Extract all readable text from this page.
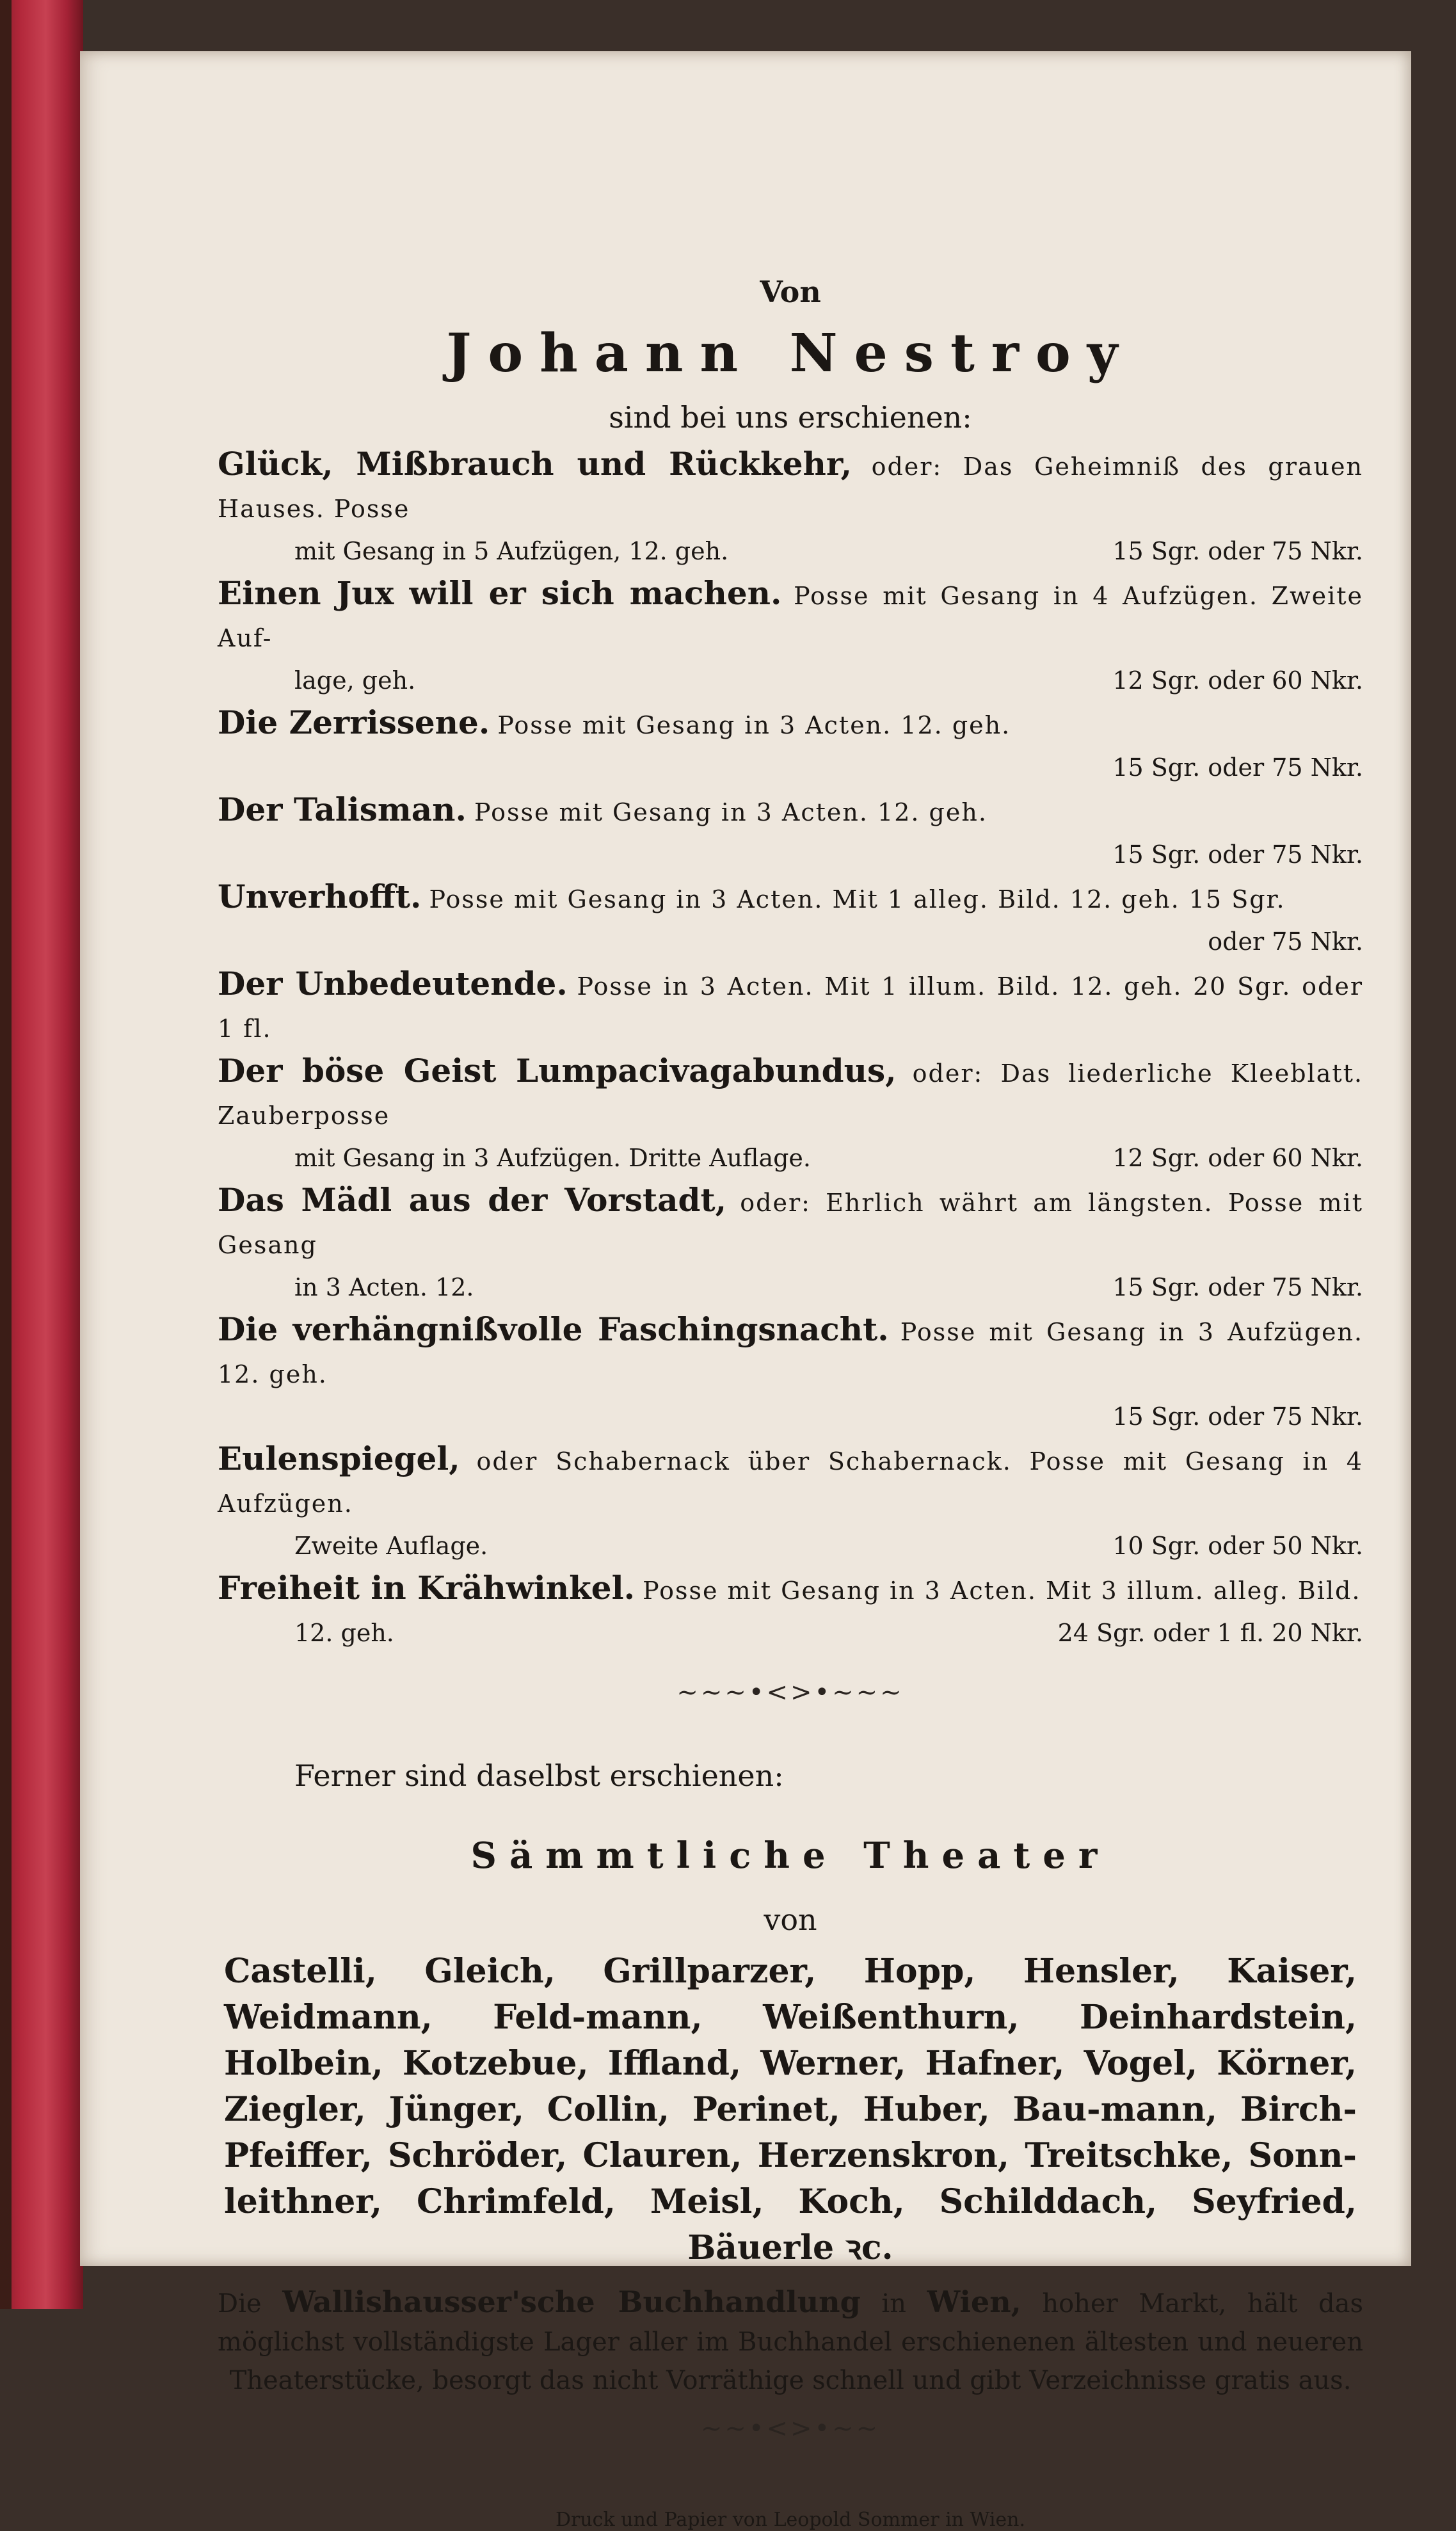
Von
Johann Nestroy
sind bei uns erschienen:
Glück, Mißbrauch und Rückkehr, oder: Das Geheimniß des grauen Hauses. Posse
mit Gesang in 5 Aufzügen, 12. geh.	15 Sgr. oder 75 Nkr.
Einen Jux will er sich machen. Posse mit Gesang in 4 Aufzügen. Zweite Auf-
lage, geh.	12 Sgr. oder 60 Nkr.
Die Zerrissene. Posse mit Gesang in 3 Acten. 12. geh.
15 Sgr. oder 75 Nkr.
Der Talisman. Posse mit Gesang in 3 Acten. 12. geh.
15 Sgr. oder 75 Nkr.
Unverhofft. Posse mit Gesang in 3 Acten. Mit 1 alleg. Bild. 12. geh. 15 Sgr.
oder 75 Nkr.
Der Unbedeutende. Posse in 3 Acten. Mit 1 illum. Bild. 12. geh. 20 Sgr. oder 1 fl.
Der böse Geist Lumpacivagabundus, oder: Das liederliche Kleeblatt. Zauberposse
mit Gesang in 3 Aufzügen. Dritte Auflage.	12 Sgr. oder 60 Nkr.
Das Mädl aus der Vorstadt, oder: Ehrlich währt am längsten. Posse mit Gesang
in 3 Acten. 12.	15 Sgr. oder 75 Nkr.
Die verhängnißvolle Faschingsnacht. Posse mit Gesang in 3 Aufzügen. 12. geh.
15 Sgr. oder 75 Nkr.
Eulenspiegel, oder Schabernack über Schabernack. Posse mit Gesang in 4 Aufzügen.
Zweite Auflage.	10 Sgr. oder 50 Nkr.
Freiheit in Krähwinkel. Posse mit Gesang in 3 Acten. Mit 3 illum. alleg. Bild.
12. geh.	24 Sgr. oder 1 fl. 20 Nkr.
~~~•<>•~~~
Ferner sind daselbst erschienen:
Sämmtliche Theater
von
Castelli, Gleich, Grillparzer, Hopp, Hensler, Kaiser, Weidmann, Feld-mann, Weißenthurn, Deinhardstein, Holbein, Kotzebue, Iffland, Werner, Hafner, Vogel, Körner, Ziegler, Jünger, Collin, Perinet, Huber, Bau-mann, Birch-Pfeiffer, Schröder, Clauren, Herzenskron, Treitschke, Sonn-leithner, Chrimfeld, Meisl, Koch, Schilddach, Seyfried, Bäuerle ꝛc.
Die Wallishausser'sche Buchhandlung in Wien, hoher Markt, hält das möglichst vollständigste Lager aller im Buchhandel erschienenen ältesten und neueren Theaterstücke, besorgt das nicht Vorräthige schnell und gibt Verzeichnisse gratis aus.
~~•<>•~~
Druck und Papier von Leopold Sommer in Wien.
